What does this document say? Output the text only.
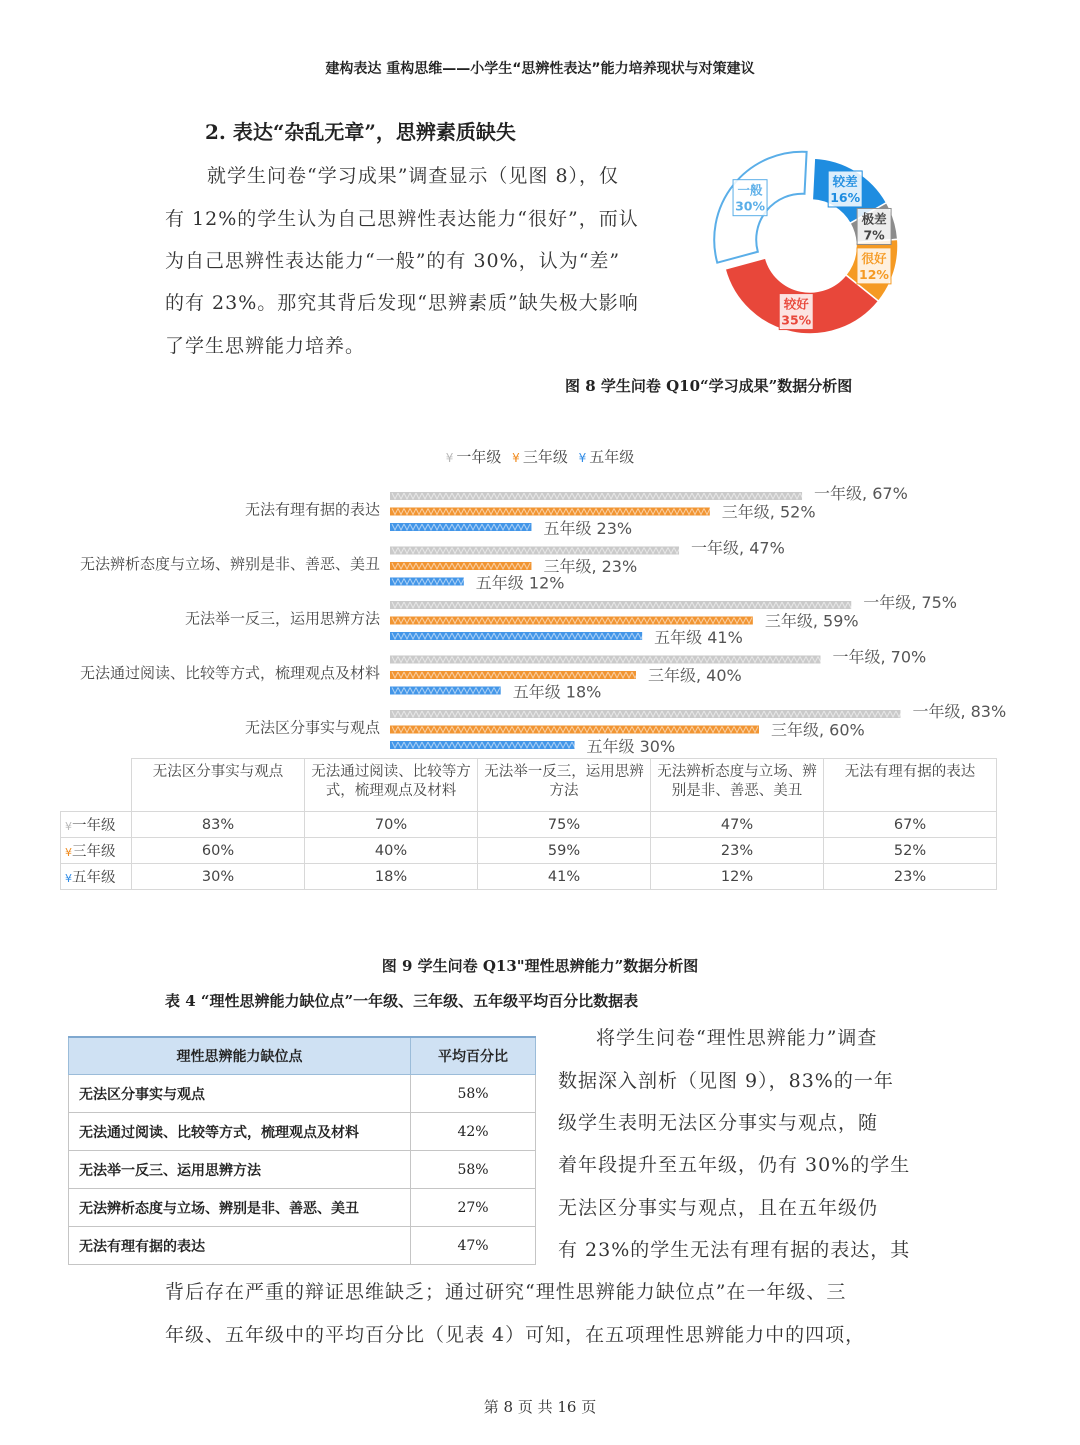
建构表达 重构思维——小学生“思辨性表达”能力培养现状与对策建议
2. 表达“杂乱无章”，思辨素质缺失
就学生问卷“学习成果”调查显示（见图 8），仅
有 12%的学生认为自己思辨性表达能力“很好”，而认
为自己思辨性表达能力“一般”的有 30%，认为“差”
的有 23%。那究其背后发现“思辨素质”缺失极大影响
了学生思辨能力培养。
较差
16%
极差
7%
很好
12%
较好
35%
一般
30%
图 8 学生问卷 Q10“学习成果”数据分析图
¥ 一年级 ¥ 三年级 ¥ 五年级
无法有理有据的表达
一年级, 67%
三年级, 52%
五年级 23%
无法辨析态度与立场、辨别是非、善恶、美丑
一年级, 47%
三年级, 23%
五年级 12%
无法举一反三，运用思辨方法
一年级, 75%
三年级, 59%
五年级 41%
无法通过阅读、比较等方式，梳理观点及材料
一年级, 70%
三年级, 40%
五年级 18%
无法区分事实与观点
一年级, 83%
三年级, 60%
五年级 30%
	无法区分事实与观点	无法通过阅读、比较等方式，梳理观点及材料	无法举一反三，运用思辨方法	无法辨析态度与立场、辨别是非、善恶、美丑	无法有理有据的表达
¥一年级	83%	70%	75%	47%	67%
¥三年级	60%	40%	59%	23%	52%
¥五年级	30%	18%	41%	12%	23%
图 9 学生问卷 Q13"理性思辨能力”数据分析图
表 4 “理性思辨能力缺位点”一年级、三年级、五年级平均百分比数据表
理性思辨能力缺位点	平均百分比
无法区分事实与观点	58%
无法通过阅读、比较等方式，梳理观点及材料	42%
无法举一反三、运用思辨方法	58%
无法辨析态度与立场、辨别是非、善恶、美丑	27%
无法有理有据的表达	47%
将学生问卷“理性思辨能力”调查
数据深入剖析（见图 9），83%的一年
级学生表明无法区分事实与观点，随
着年段提升至五年级，仍有 30%的学生
无法区分事实与观点，且在五年级仍
有 23%的学生无法有理有据的表达，其
背后存在严重的辩证思维缺乏；通过研究“理性思辨能力缺位点”在一年级、三
年级、五年级中的平均百分比（见表 4）可知，在五项理性思辨能力中的四项，
第 8 页 共 16 页
